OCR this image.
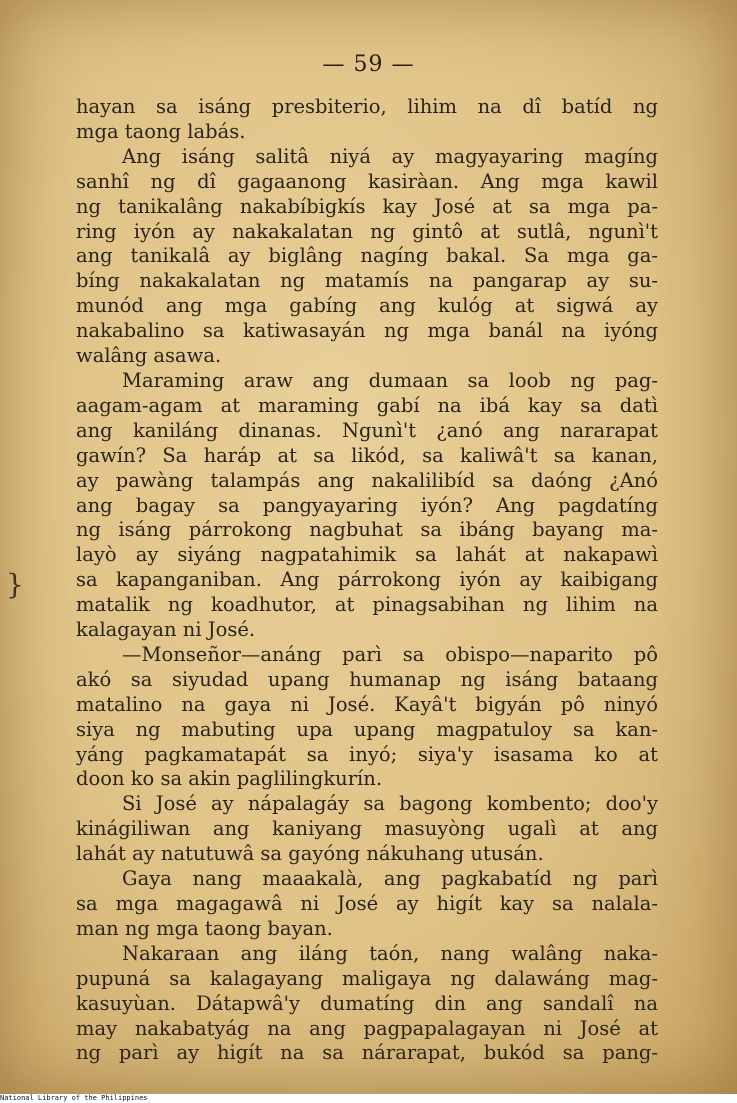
— 59 —
}
hayan sa isáng presbiterio, lihim na dî batíd ng
mga taong labás.
Ang isáng salitâ niyá ay magyayaring magíng
sanhî ng dî gagaanong kasiràan. Ang mga kawil
ng tanikalâng nakabíbigkís kay José at sa mga pa-
ring iyón ay nakakalatan ng gintô at sutlâ, ngunì't
ang tanikalâ ay biglâng nagíng bakal. Sa mga ga-
bíng nakakalatan ng matamís na pangarap ay su-
munód ang mga gabíng ang kulóg at sigwá ay
nakabalino sa katiwasayán ng mga banál na iyóng
walâng asawa.
Maraming araw ang dumaan sa loob ng pag-
aagam-agam at maraming gabí na ibá kay sa datì
ang kaniláng dinanas. Ngunì't ¿anó ang nararapat
gawín? Sa haráp at sa likód, sa kaliwâ't sa kanan,
ay pawàng talampás ang nakalilibíd sa daóng ¿Anó
ang bagay sa pangyayaring iyón? Ang pagdatíng
ng isáng párrokong nagbuhat sa ibáng bayang ma-
layò ay siyáng nagpatahimik sa lahát at nakapawì
sa kapanganiban. Ang párrokong iyón ay kaibigang
matalik ng koadhutor, at pinagsabihan ng lihim na
kalagayan ni José.
—Monseñor—anáng parì sa obispo—naparito pô
akó sa siyudad upang humanap ng isáng bataang
matalino na gaya ni José. Kayâ't bigyán pô ninyó
siya ng mabuting upa upang magpatuloy sa kan-
yáng pagkamatapát sa inyó; siya'y isasama ko at
doon ko sa akin paglilingkurín.
Si José ay nápalagáy sa bagong kombento; doo'y
kinágiliwan ang kaniyang masuyòng ugalì at ang
lahát ay natutuwâ sa gayóng nákuhang utusán.
Gaya nang maaakalà, ang pagkabatíd ng parì
sa mga magagawâ ni José ay higít kay sa nalala-
man ng mga taong bayan.
Nakaraan ang iláng taón, nang walâng naka-
pupuná sa kalagayang maligaya ng dalawáng mag-
kasuyùan. Dátapwâ'y dumatíng din ang sandalî na
may nakabatyág na ang pagpapalagayan ni José at
ng parì ay higít na sa nárarapat, bukód sa pang-
National Library of the Philippines
